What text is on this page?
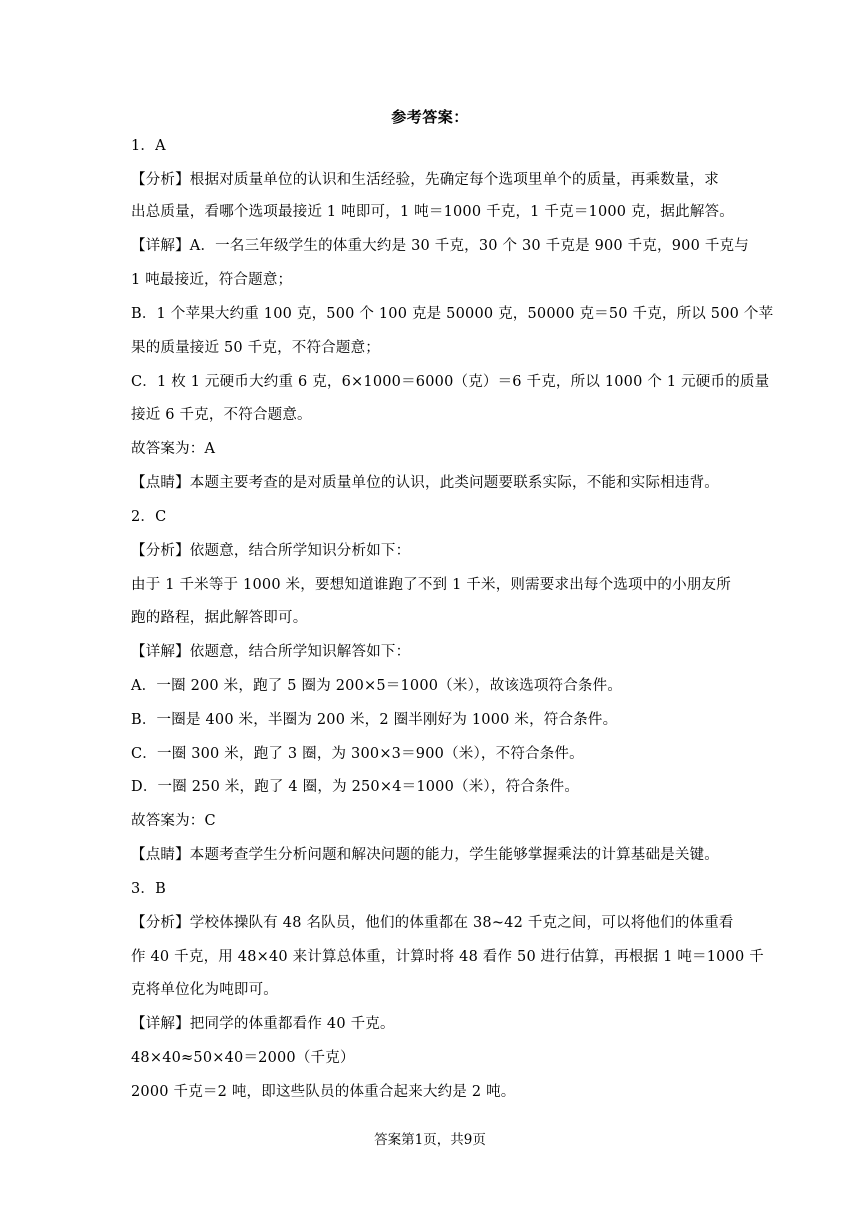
参考答案：
1．A
【分析】根据对质量单位的认识和生活经验，先确定每个选项里单个的质量，再乘数量，求
出总质量，看哪个选项最接近 1 吨即可，1 吨＝1000 千克，1 千克＝1000 克，据此解答。
【详解】A．一名三年级学生的体重大约是 30 千克，30 个 30 千克是 900 千克，900 千克与
1 吨最接近，符合题意；
B．1 个苹果大约重 100 克，500 个 100 克是 50000 克，50000 克＝50 千克，所以 500 个苹
果的质量接近 50 千克，不符合题意；
C．1 枚 1 元硬币大约重 6 克，6×1000＝6000（克）＝6 千克，所以 1000 个 1 元硬币的质量
接近 6 千克，不符合题意。
故答案为：A
【点睛】本题主要考查的是对质量单位的认识，此类问题要联系实际，不能和实际相违背。
2．C
【分析】依题意，结合所学知识分析如下：
由于 1 千米等于 1000 米，要想知道谁跑了不到 1 千米，则需要求出每个选项中的小朋友所
跑的路程，据此解答即可。
【详解】依题意，结合所学知识解答如下：
A．一圈 200 米，跑了 5 圈为 200×5＝1000（米），故该选项符合条件。
B．一圈是 400 米，半圈为 200 米，2 圈半刚好为 1000 米，符合条件。
C．一圈 300 米，跑了 3 圈，为 300×3＝900（米），不符合条件。
D．一圈 250 米，跑了 4 圈，为 250×4＝1000（米），符合条件。
故答案为：C
【点睛】本题考查学生分析问题和解决问题的能力，学生能够掌握乘法的计算基础是关键。
3．B
【分析】学校体操队有 48 名队员，他们的体重都在 38~42 千克之间，可以将他们的体重看
作 40 千克，用 48×40 来计算总体重，计算时将 48 看作 50 进行估算，再根据 1 吨＝1000 千
克将单位化为吨即可。
【详解】把同学的体重都看作 40 千克。
48×40≈50×40＝2000（千克）
2000 千克＝2 吨，即这些队员的体重合起来大约是 2 吨。
答案第1页，共9页
